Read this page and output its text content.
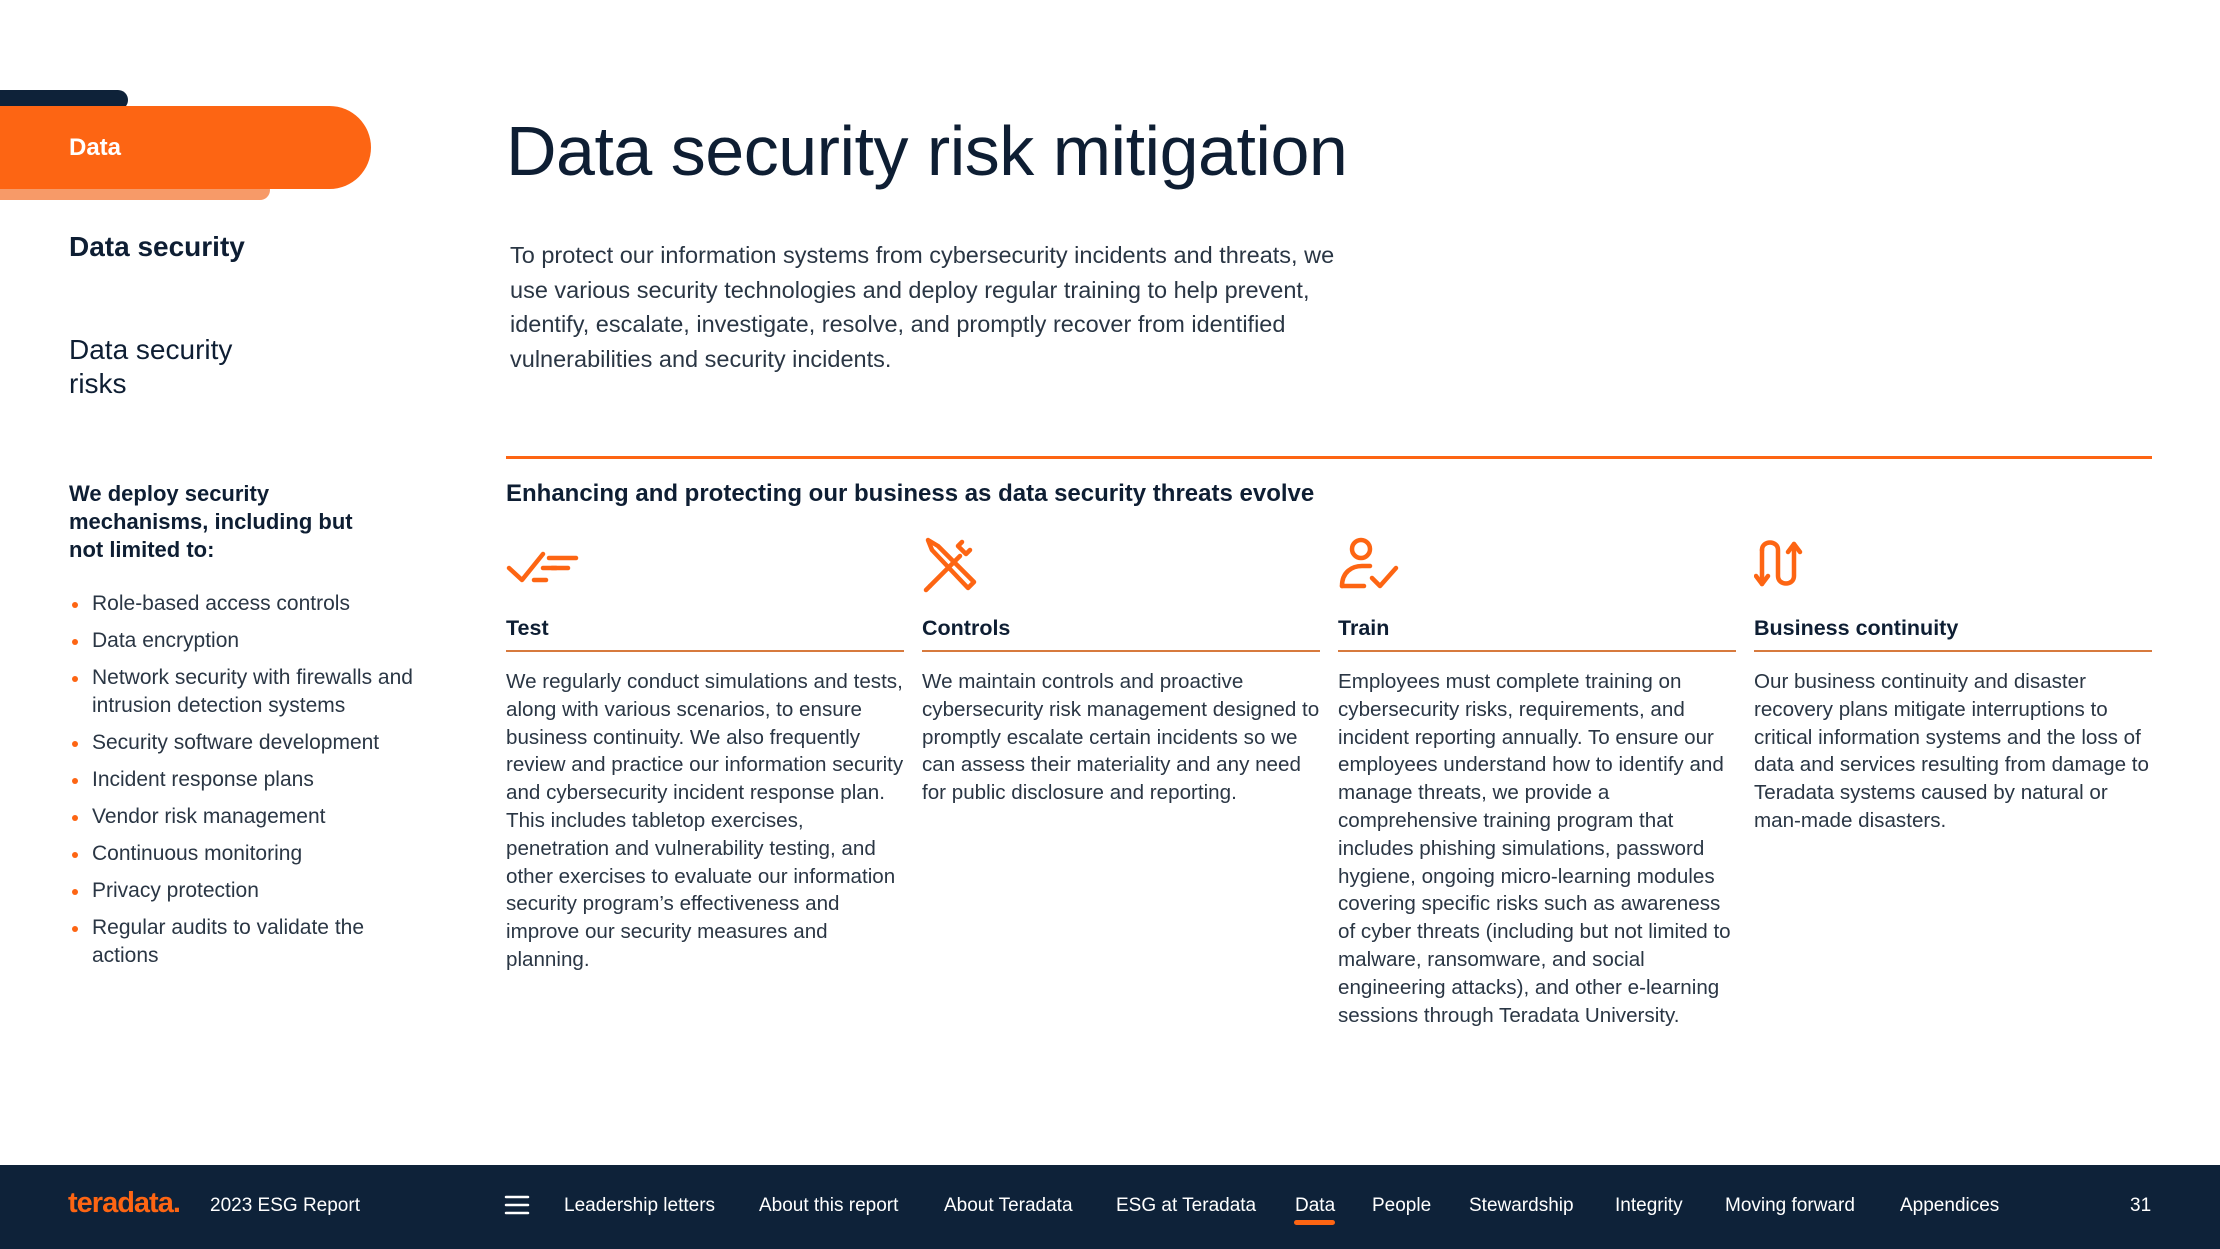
Data
Data security
Data security risks
Data security risk mitigation

To protect our information systems from cybersecurity incidents and threats, we use various security technologies and deploy regular training to help prevent, identify, escalate, investigate, resolve, and promptly recover from identified vulnerabilities and security incidents.

We deploy security mechanisms, including but not limited to:

Role-based access controls
Data encryption
Network security with firewalls and intrusion detection systems
Security software development
Incident response plans
Vendor risk management
Continuous monitoring
Privacy protection
Regular audits to validate the actions
Enhancing and protecting our business as data security threats evolve
Test
We regularly conduct simulations and tests, along with various scenarios, to ensure business continuity. We also frequently review and practice our information security and cybersecurity incident response plan. This includes tabletop exercises, penetration and vulnerability testing, and other exercises to evaluate our information security program’s effectiveness and improve our security measures and planning.
Controls
We maintain controls and proactive cybersecurity risk management designed to promptly escalate certain incidents so we can assess their materiality and any need for public disclosure and reporting.
Train
Employees must complete training on cybersecurity risks, requirements, and incident reporting annually. To ensure our employees understand how to identify and manage threats, we provide a comprehensive training program that includes phishing simulations, password hygiene, ongoing micro-learning modules covering specific risks such as awareness of cyber threats (including but not limited to malware, ransomware, and social engineering attacks), and other e-learning sessions through Teradata University.
Business continuity
Our business continuity and disaster recovery plans mitigate interruptions to critical information systems and the loss of data and services resulting from damage to Teradata systems caused by natural or man-made disasters.
teradata. 2023 ESG Report	Leadership letters About this report About Teradata ESG at Teradata Data People Stewardship Integrity Moving forward Appendices	31
